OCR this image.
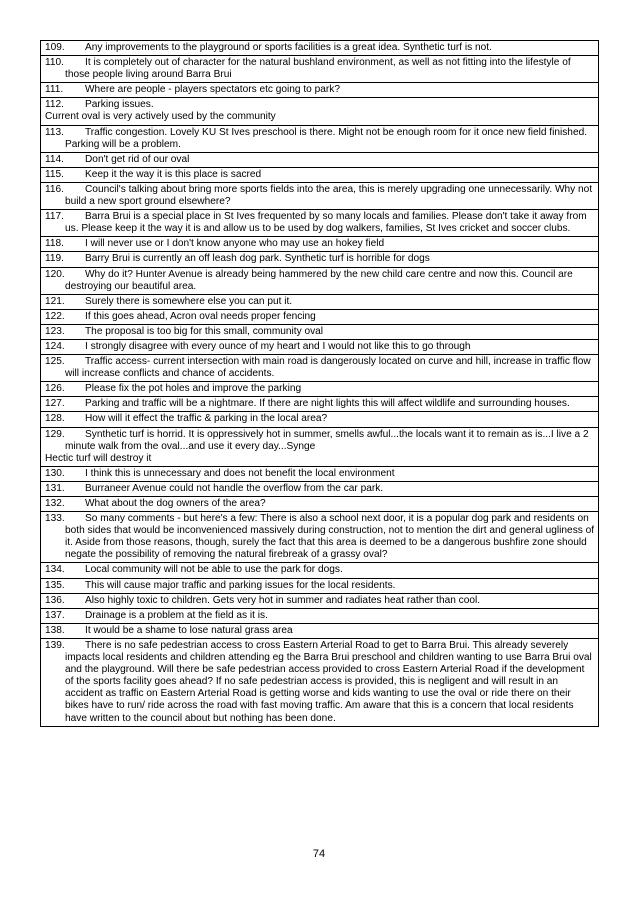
109. Any improvements to the playground or sports facilities is a great idea. Synthetic turf is not.

110. It is completely out of character for the natural bushland environment, as well as not fitting into the lifestyle of those people living around Barra Brui

111. Where are people - players spectators etc going to park?

112. Parking issues.
Current oval is very actively used by the community

113. Traffic congestion. Lovely KU St Ives preschool is there. Might not be enough room for it once new field finished. Parking will be a problem.

114. Don't get rid of our oval

115. Keep it the way it is this place is sacred

116. Council's talking about bring more sports fields into the area, this is merely upgrading one unnecessarily. Why not build a new sport ground elsewhere?

117. Barra Brui is a special place in St Ives frequented by so many locals and families. Please don't take it away from us. Please keep it the way it is and allow us to be used by dog walkers, families, St Ives cricket and soccer clubs.

118. I will never use or I don't know anyone who may use an hokey field

119. Barry Brui is currently an off leash dog park. Synthetic turf is horrible for dogs

120. Why do it? Hunter Avenue is already being hammered by the new child care centre and now this. Council are destroying our beautiful area.

121. Surely there is somewhere else you can put it.

122. If this goes ahead, Acron oval needs proper fencing

123. The proposal is too big for this small, community oval

124. I strongly disagree with every ounce of my heart and I would not like this to go through

125. Traffic access- current intersection with main road is dangerously located on curve and hill, increase in traffic flow will increase conflicts and chance of accidents.

126. Please fix the pot holes and improve the parking

127. Parking and traffic will be a nightmare. If there are night lights this will affect wildlife and surrounding houses.

128. How will it effect the traffic & parking in the local area?

129. Synthetic turf is horrid. It is oppressively hot in summer, smells awful...the locals want it to remain as is...I live a 2 minute walk from the oval...and use it every day...Synge
Hectic turf will destroy it

130. I think this is unnecessary and does not benefit the local environment

131. Burraneer Avenue could not handle the overflow from the car park.

132. What about the dog owners of the area?

133. So many comments - but here's a few: There is also a school next door, it is a popular dog park and residents on both sides that would be inconvenienced massively during construction, not to mention the dirt and general ugliness of it. Aside from those reasons, though, surely the fact that this area is deemed to be a dangerous bushfire zone should negate the possibility of removing the natural firebreak of a grassy oval?

134. Local community will not be able to use the park for dogs.

135. This will cause major traffic and parking issues for the local residents.

136. Also highly toxic to children. Gets very hot in summer and radiates heat rather than cool.

137. Drainage is a problem at the field as it is.

138. It would be a shame to lose natural grass area

139. There is no safe pedestrian access to cross Eastern Arterial Road to get to Barra Brui. This already severely impacts local residents and children attending eg the Barra Brui preschool and children wanting to use Barra Brui oval and the playground. Will there be safe pedestrian access provided to cross Eastern Arterial Road if the development of the sports facility goes ahead? If no safe pedestrian access is provided, this is negligent and will result in an accident as traffic on Eastern Arterial Road is getting worse and kids wanting to use the oval or ride there on their bikes have to run/ ride across the road with fast moving traffic. Am aware that this is a concern that local residents have written to the council about but nothing has been done.
74
